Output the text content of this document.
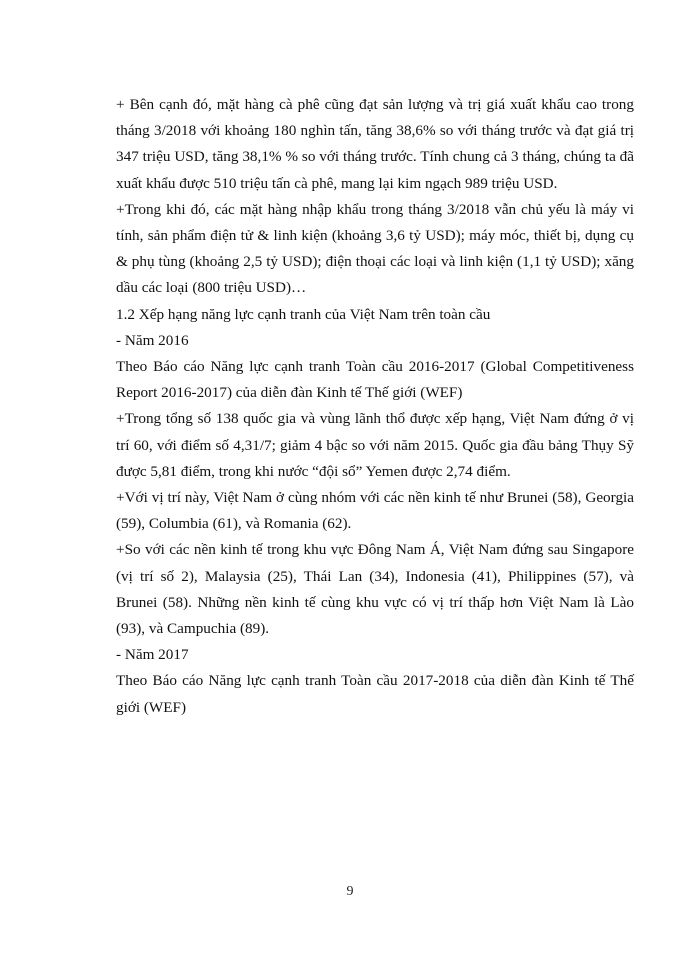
+ Bên cạnh đó, mặt hàng cà phê cũng đạt sản lượng và trị giá xuất khẩu cao trong tháng 3/2018 với khoảng 180 nghìn tấn, tăng 38,6% so với tháng trước và đạt giá trị 347 triệu USD, tăng 38,1% % so với tháng trước. Tính chung cả 3 tháng, chúng ta đã xuất khẩu được 510 triệu tấn cà phê, mang lại kim ngạch 989 triệu USD.

+Trong khi đó, các mặt hàng nhập khẩu trong tháng 3/2018 vẫn chủ yếu là máy vi tính, sản phẩm điện tử & linh kiện (khoảng 3,6 tỷ USD); máy móc, thiết bị, dụng cụ & phụ tùng (khoảng 2,5 tỷ USD); điện thoại các loại và linh kiện (1,1 tỷ USD); xăng dầu các loại (800 triệu USD)…

1.2 Xếp hạng năng lực cạnh tranh của Việt Nam trên toàn cầu

- Năm 2016

Theo Báo cáo Năng lực cạnh tranh Toàn cầu 2016-2017 (Global Competitiveness Report 2016-2017) của diễn đàn Kinh tế Thế giới (WEF)

+Trong tổng số 138 quốc gia và vùng lãnh thổ được xếp hạng, Việt Nam đứng ở vị trí 60, với điểm số 4,31/7; giảm 4 bậc so với năm 2015. Quốc gia đầu bảng Thụy Sỹ được 5,81 điểm, trong khi nước “đội sổ” Yemen được 2,74 điểm.

+Với vị trí này, Việt Nam ở cùng nhóm với các nền kinh tế như Brunei (58), Georgia (59), Columbia (61), và Romania (62).

+So với các nền kinh tế trong khu vực Đông Nam Á, Việt Nam đứng sau Singapore (vị trí số 2), Malaysia (25), Thái Lan (34), Indonesia (41), Philippines (57), và Brunei (58). Những nền kinh tế cùng khu vực có vị trí thấp hơn Việt Nam là Lào (93), và Campuchia (89).

- Năm 2017

Theo Báo cáo Năng lực cạnh tranh Toàn cầu 2017-2018 của diễn đàn Kinh tế Thế giới (WEF)

9
